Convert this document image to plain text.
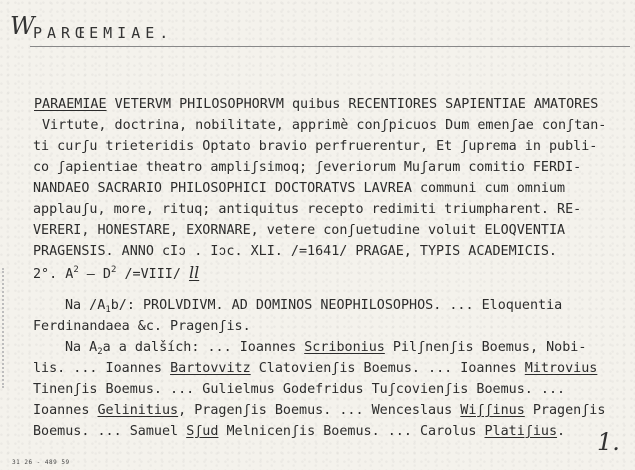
W
PARŒEMIAE.
PARAEMIAE VETERVM PHILOSOPHORVM quibus RECENTIORES SAPIENTIAE AMATORES
Virtute, doctrina, nobilitate, apprimè conʃpicuos Dum emenʃae conʃtan-
ti curʃu trieteridis Optato bravio perfruerentur, Et ʃuprema in publi-
co ʃapientiae theatro ampliʃsimoq; ʃeveriorum Muʃarum comitio FERDI-
NANDAEO SACRARIO PHILOSOPHICI DOCTORATVS LAVREA communi cum omnium
applauʃu, more, rituq; antiquitus recepto redimiti triumpharent. RE-
VERERI, HONESTARE, EXORNARE, vetere conʃuetudine voluit ELOQVENTIA
PRAGENSIS. ANNO cIↄ . Iↄc. XLI. /=1641/ PRAGAE, TYPIS ACADEMICIS.
2°. $A^2 - D^2$ /=VIII/ ll
Na $/A_1b/$: PROLVDIVM. AD DOMINOS NEOPHILOSOPHOS. ... Eloquentia
Ferdinandaea &c. Pragenʃis.
Na $A_2a$ a dalších: ... Ioannes Scribonius Pilʃnenʃis Boemus, Nobi-
lis. ... Ioannes Bartovvitz Clatovienʃis Boemus. ... Ioannes Mitrovius
Tinenʃis Boemus. ... Gulielmus Godefridus Tuʃcovienʃis Boemus. ...
Ioannes Gelinitius, Pragenʃis Boemus. ... Wenceslaus Wiʃʃinus Pragenʃis
Boemus. ... Samuel Sʃud Melnicenʃis Boemus. ... Carolus Platiʃius. 1.
31 26 - 489 59
